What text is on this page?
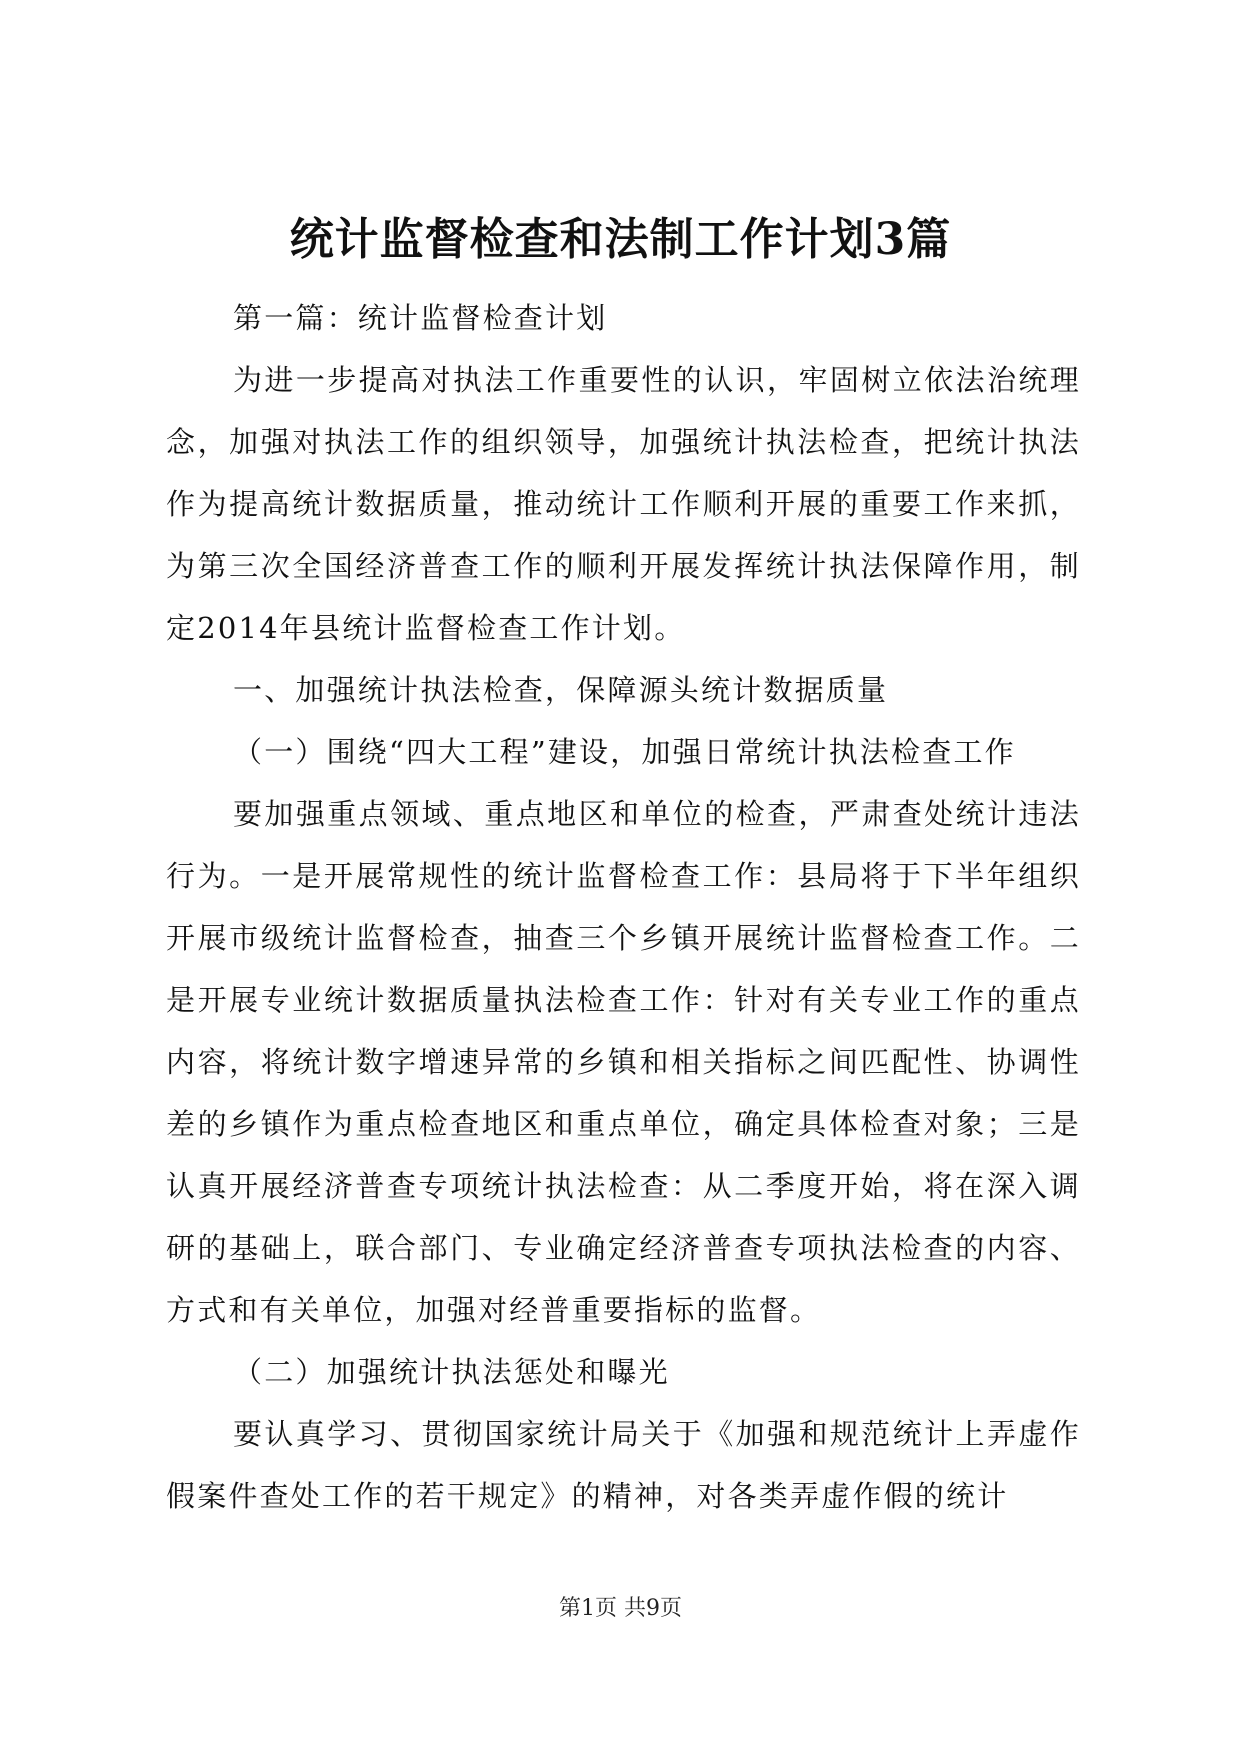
统计监督检查和法制工作计划3篇

第一篇：统计监督检查计划

为进一步提高对执法工作重要性的认识，牢固树立依法治统理念，加强对执法工作的组织领导，加强统计执法检查，把统计执法作为提高统计数据质量，推动统计工作顺利开展的重要工作来抓，为第三次全国经济普查工作的顺利开展发挥统计执法保障作用，制定2014年县统计监督检查工作计划。

一、加强统计执法检查，保障源头统计数据质量

（一）围绕“四大工程”建设，加强日常统计执法检查工作

要加强重点领域、重点地区和单位的检查，严肃查处统计违法行为。一是开展常规性的统计监督检查工作：县局将于下半年组织开展市级统计监督检查，抽查三个乡镇开展统计监督检查工作。二是开展专业统计数据质量执法检查工作：针对有关专业工作的重点内容，将统计数字增速异常的乡镇和相关指标之间匹配性、协调性差的乡镇作为重点检查地区和重点单位，确定具体检查对象；三是认真开展经济普查专项统计执法检查：从二季度开始，将在深入调研的基础上，联合部门、专业确定经济普查专项执法检查的内容、方式和有关单位，加强对经普重要指标的监督。

（二）加强统计执法惩处和曝光

要认真学习、贯彻国家统计局关于《加强和规范统计上弄虚作假案件查处工作的若干规定》的精神，对各类弄虚作假的统计

第1页 共9页
